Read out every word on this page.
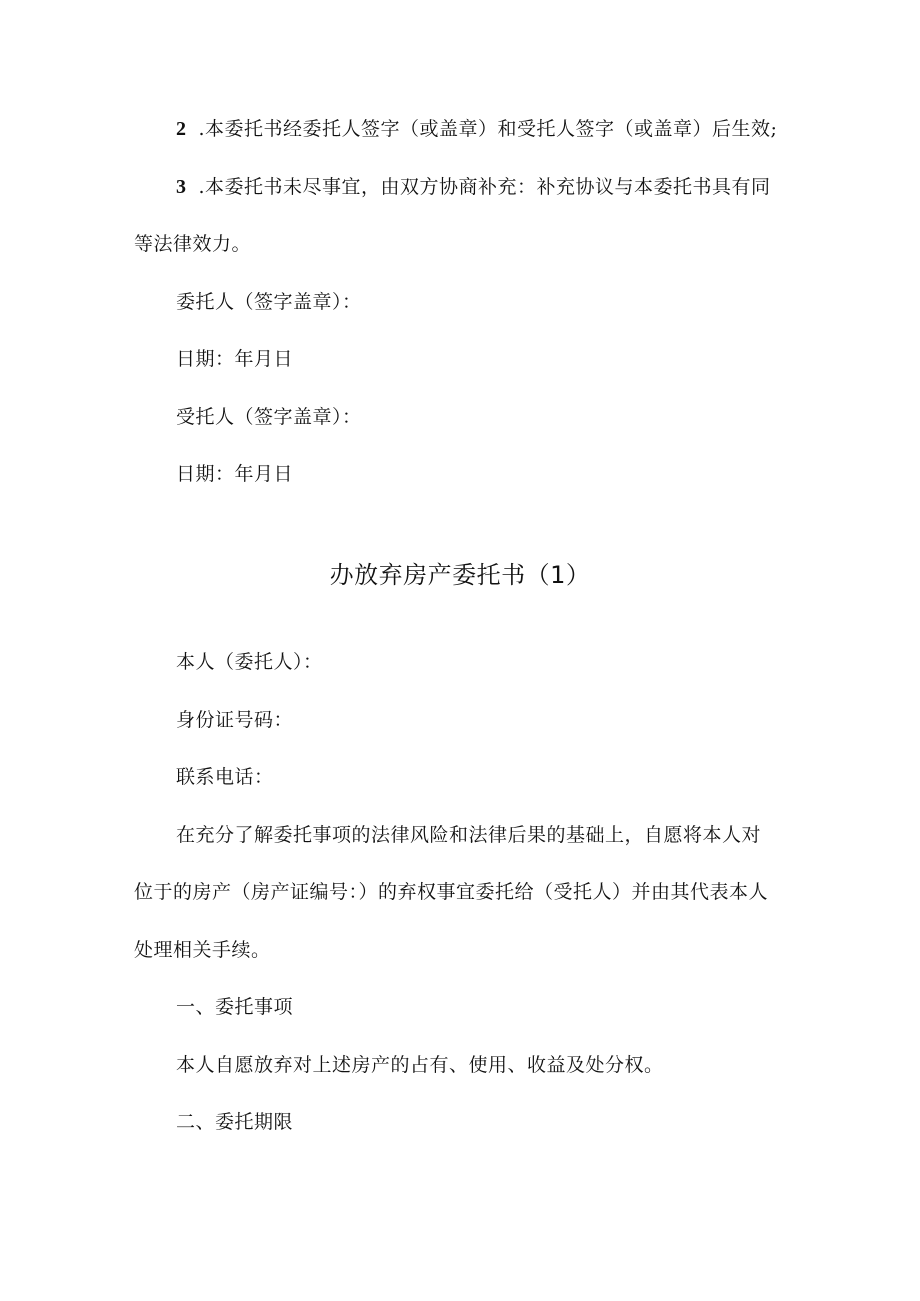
2 .本委托书经委托人签字（或盖章）和受托人签字（或盖章）后生效;
3 .本委托书未尽事宜，由双方协商补充：补充协议与本委托书具有同
等法律效力。
委托人（签字盖章）：
日期：年月日
受托人（签字盖章）：
日期：年月日
办放弃房产委托书（1）
本人（委托人）：
身份证号码：
联系电话：
在充分了解委托事项的法律风险和法律后果的基础上，自愿将本人对
位于的房产（房产证编号：）的弃权事宜委托给（受托人）并由其代表本人
处理相关手续。
一、委托事项
本人自愿放弃对上述房产的占有、使用、收益及处分权。
二、委托期限
